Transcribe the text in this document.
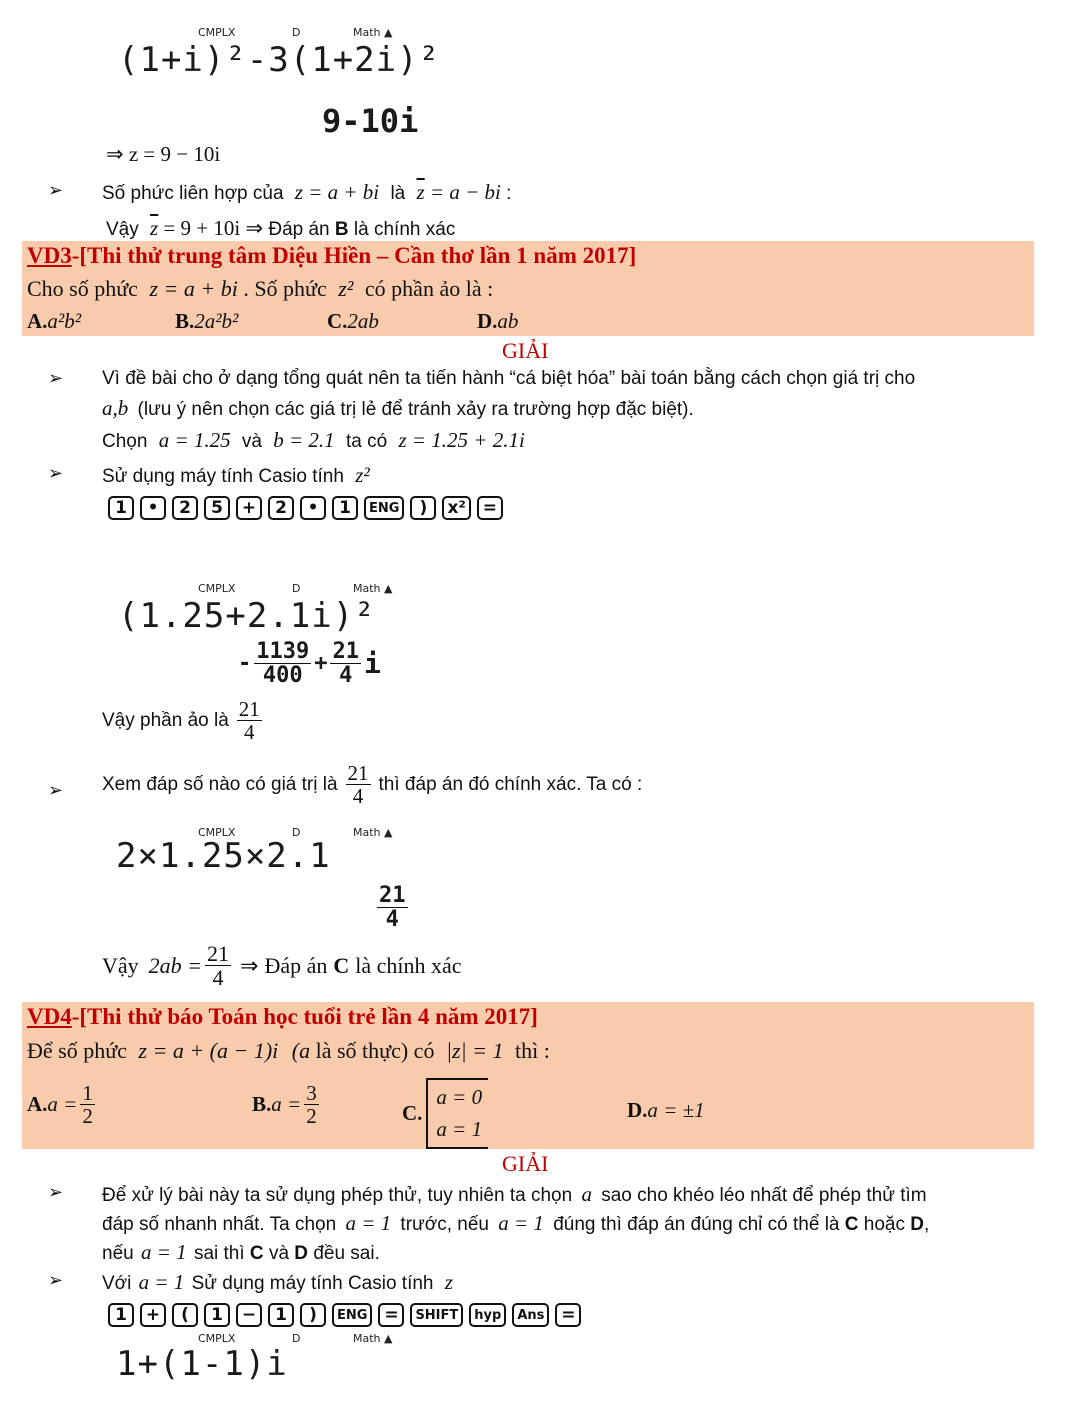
CMPLX	D	Math ▲
(1+i)²-3(1+2i)²
9-10i
⇒ z = 9 − 10i
➢ Số phức liên hợp của z = a + bi là $\overline{z} = a$ − bi :
Vậy $\overline{z} = 9 + 10i$ ⇒ Đáp án B là chính xác
VD3-[Thi thử trung tâm Diệu Hiền – Cần thơ lần 1 năm 2017]
Cho số phức z = a + bi . Số phức z² có phần ảo là :
A.a²b²	B.2a²b²	C.2ab	D.ab
GIẢI
➢ Vì đề bài cho ở dạng tổng quát nên ta tiến hành “cá biệt hóa” bài toán bằng cách chọn giá trị cho
a,b (lưu ý nên chọn các giá trị lẻ để tránh xảy ra trường hợp đặc biệt).
Chọn a = 1.25 và b = 2.1 ta có z = 1.25 + 2.1i
➢ Sử dụng máy tính Casio tính z²
1	•	2	5	+	2	•	1	ENG	)	x² =
CMPLX	D	Math ▲
(1.25+2.1i)²
- $\frac{1139}{400} + \frac{21}{4}$ i
Vậy phần ảo là $\frac{21}{4}$
➢ Xem đáp số nào có giá trị là $\frac{21}{4}$ thì đáp án đó chính xác. Ta có :
CMPLX	D	Math ▲
2×1.25×2.1
$\frac{21}{4}$
Vậy $2ab = \frac{21}{4}$ ⇒ Đáp án C là chính xác
VD4-[Thi thử báo Toán học tuổi trẻ lần 4 năm 2017]
Để số phức z = a + (a − 1)i (a là số thực) có |z| = 1 thì :
A. $a = \frac{1}{2}$	B. $a = \frac{3}{2}$	C.
a = 0
a = 1
D.a = ±1
GIẢI
➢ Để xử lý bài này ta sử dụng phép thử, tuy nhiên ta chọn a sao cho khéo léo nhất để phép thử tìm
đáp số nhanh nhất. Ta chọn a = 1 trước, nếu a = 1 đúng thì đáp án đúng chỉ có thể là C hoặc D,
nếu a = 1 sai thì C và D đều sai.
➢ Với a = 1 Sử dụng máy tính Casio tính z
1	+	(	1	−	1	)	ENG =	SHIFT	hyp	Ans =
CMPLX	D	Math ▲
1+(1-1)i
